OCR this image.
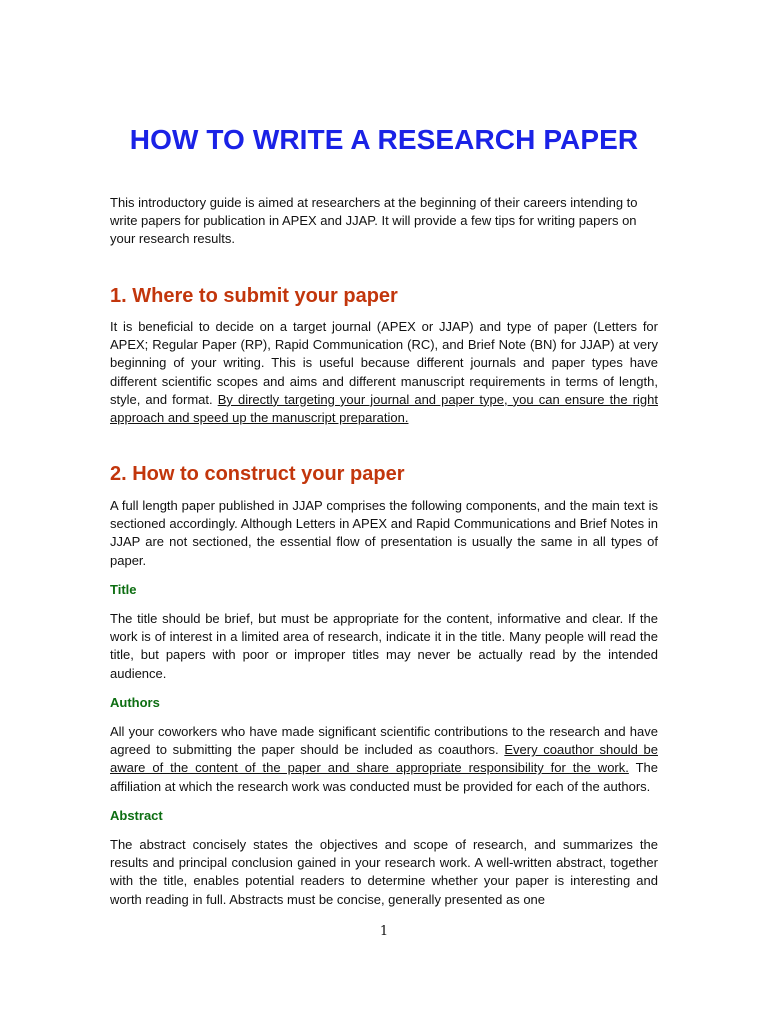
HOW TO WRITE A RESEARCH PAPER

This introductory guide is aimed at researchers at the beginning of their careers intending to write papers for publication in APEX and JJAP. It will provide a few tips for writing papers on your research results.

1. Where to submit your paper

It is beneficial to decide on a target journal (APEX or JJAP) and type of paper (Letters for APEX; Regular Paper (RP), Rapid Communication (RC), and Brief Note (BN) for JJAP) at very beginning of your writing. This is useful because different journals and paper types have different scientific scopes and aims and different manuscript requirements in terms of length, style, and format. By directly targeting your journal and paper type, you can ensure the right approach and speed up the manuscript preparation.

2. How to construct your paper

A full length paper published in JJAP comprises the following components, and the main text is sectioned accordingly. Although Letters in APEX and Rapid Communications and Brief Notes in JJAP are not sectioned, the essential flow of presentation is usually the same in all types of paper.

Title

The title should be brief, but must be appropriate for the content, informative and clear. If the work is of interest in a limited area of research, indicate it in the title. Many people will read the title, but papers with poor or improper titles may never be actually read by the intended audience.

Authors

All your coworkers who have made significant scientific contributions to the research and have agreed to submitting the paper should be included as coauthors. Every coauthor should be aware of the content of the paper and share appropriate responsibility for the work. The affiliation at which the research work was conducted must be provided for each of the authors.

Abstract

The abstract concisely states the objectives and scope of research, and summarizes the results and principal conclusion gained in your research work. A well-written abstract, together with the title, enables potential readers to determine whether your paper is interesting and worth reading in full. Abstracts must be concise, generally presented as one

1
